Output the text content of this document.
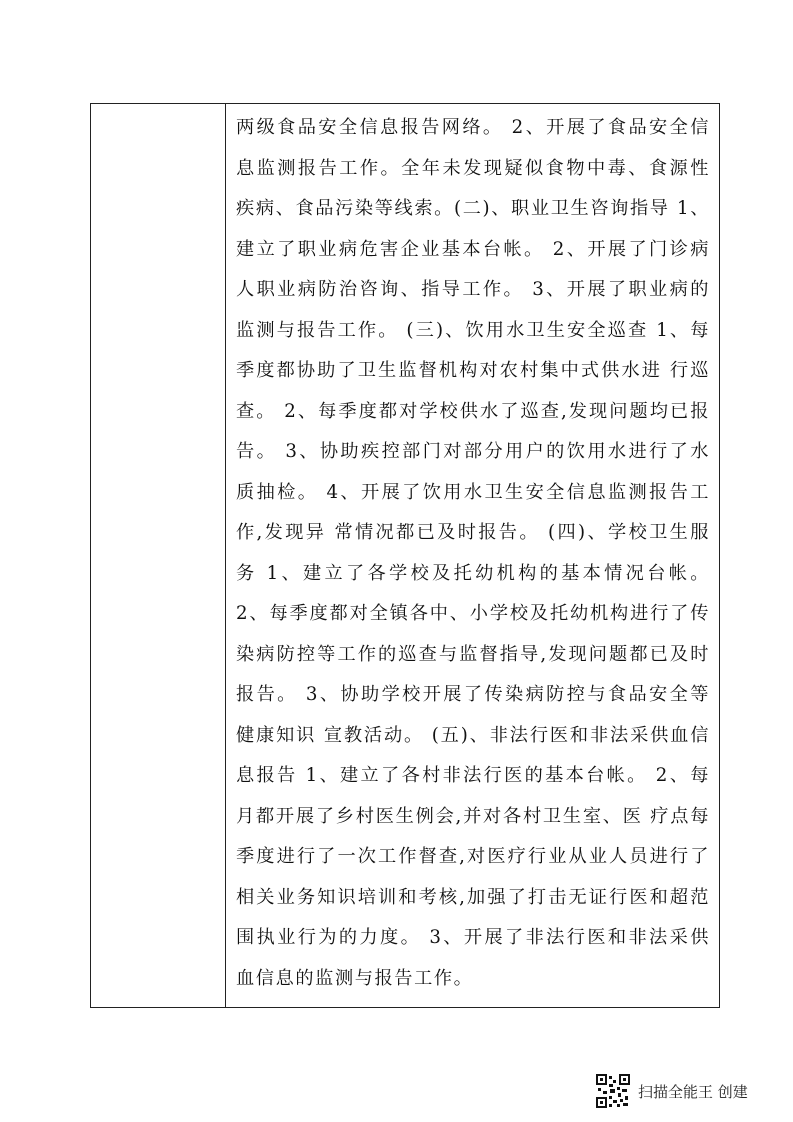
两级食品安全信息报告网络。 2、开展了食品安全信息监测报告工作。全年未发现疑似食物中毒、食源性疾病、食品污染等线索。(二)、职业卫生咨询指导 1、建立了职业病危害企业基本台帐。 2、开展了门诊病人职业病防治咨询、指导工作。 3、开展了职业病的监测与报告工作。 (三)、饮用水卫生安全巡查 1、每季度都协助了卫生监督机构对农村集中式供水进 行巡查。 2、每季度都对学校供水了巡查,发现问题均已报告。 3、协助疾控部门对部分用户的饮用水进行了水质抽检。 4、开展了饮用水卫生安全信息监测报告工作,发现异 常情况都已及时报告。 (四)、学校卫生服务 1、建立了各学校及托幼机构的基本情况台帐。 2、每季度都对全镇各中、小学校及托幼机构进行了传 染病防控等工作的巡查与监督指导,发现问题都已及时报告。 3、协助学校开展了传染病防控与食品安全等健康知识 宣教活动。 (五)、非法行医和非法采供血信息报告 1、建立了各村非法行医的基本台帐。 2、每月都开展了乡村医生例会,并对各村卫生室、医 疗点每季度进行了一次工作督查,对医疗行业从业人员进行了相关业务知识培训和考核,加强了打击无证行医和超范围执业行为的力度。 3、开展了非法行医和非法采供血信息的监测与报告工作。

扫描全能王 创建
